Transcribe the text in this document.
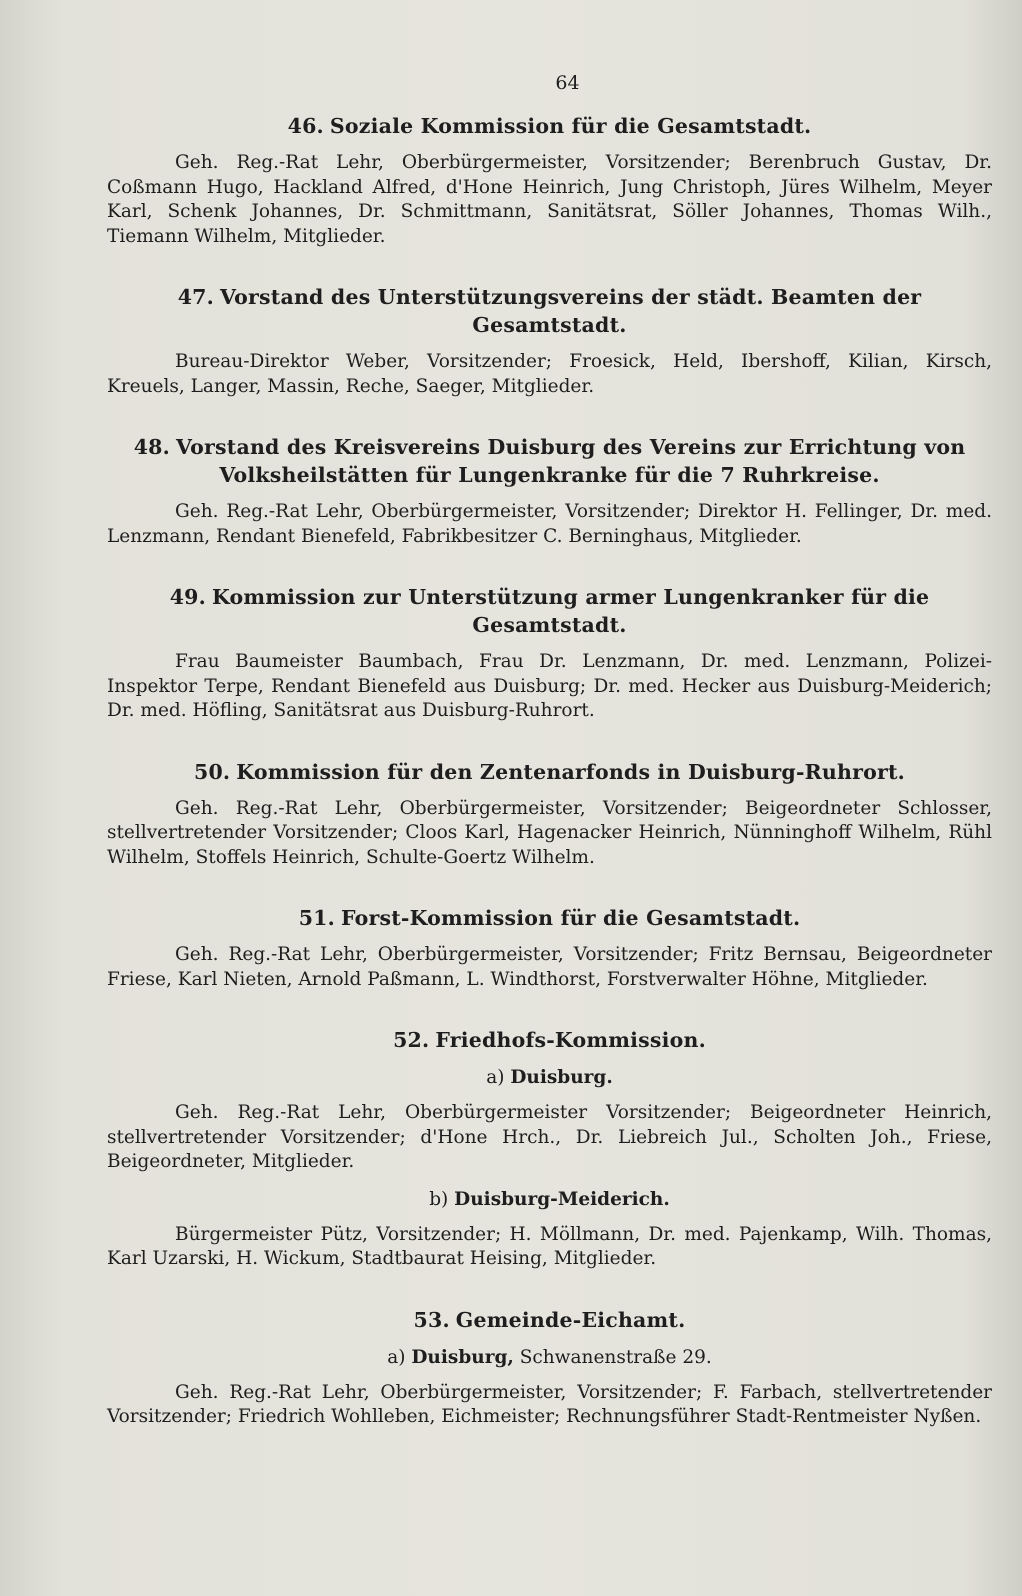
64
46. Soziale Kommission für die Gesamtstadt.

Geh. Reg.-Rat Lehr, Oberbürgermeister, Vorsitzender; Berenbruch Gustav, Dr. Coßmann Hugo, Hackland Alfred, d'Hone Heinrich, Jung Christoph, Jüres Wilhelm, Meyer Karl, Schenk Johannes, Dr. Schmittmann, Sanitätsrat, Söller Johannes, Thomas Wilh., Tiemann Wilhelm, Mitglieder.

47. Vorstand des Unterstützungsvereins der städt. Beamten der Gesamtstadt.

Bureau-Direktor Weber, Vorsitzender; Froesick, Held, Ibershoff, Kilian, Kirsch, Kreuels, Langer, Massin, Reche, Saeger, Mitglieder.

48. Vorstand des Kreisvereins Duisburg des Vereins zur Errichtung von Volksheilstätten für Lungenkranke für die 7 Ruhrkreise.

Geh. Reg.-Rat Lehr, Oberbürgermeister, Vorsitzender; Direktor H. Fellinger, Dr. med. Lenzmann, Rendant Bienefeld, Fabrikbesitzer C. Berninghaus, Mitglieder.

49. Kommission zur Unterstützung armer Lungenkranker für die Gesamtstadt.

Frau Baumeister Baumbach, Frau Dr. Lenzmann, Dr. med. Lenzmann, Polizei-Inspektor Terpe, Rendant Bienefeld aus Duisburg; Dr. med. Hecker aus Duisburg-Meiderich; Dr. med. Höfling, Sanitätsrat aus Duisburg-Ruhrort.

50. Kommission für den Zentenarfonds in Duisburg-Ruhrort.

Geh. Reg.-Rat Lehr, Oberbürgermeister, Vorsitzender; Beigeordneter Schlosser, stellvertretender Vorsitzender; Cloos Karl, Hagenacker Heinrich, Nünninghoff Wilhelm, Rühl Wilhelm, Stoffels Heinrich, Schulte-Goertz Wilhelm.

51. Forst-Kommission für die Gesamtstadt.

Geh. Reg.-Rat Lehr, Oberbürgermeister, Vorsitzender; Fritz Bernsau, Beigeordneter Friese, Karl Nieten, Arnold Paßmann, L. Windthorst, Forstverwalter Höhne, Mitglieder.

52. Friedhofs-Kommission.
a) Duisburg.

Geh. Reg.-Rat Lehr, Oberbürgermeister Vorsitzender; Beigeordneter Heinrich, stellvertretender Vorsitzender; d'Hone Hrch., Dr. Liebreich Jul., Scholten Joh., Friese, Beigeordneter, Mitglieder.

b) Duisburg-Meiderich.

Bürgermeister Pütz, Vorsitzender; H. Möllmann, Dr. med. Pajenkamp, Wilh. Thomas, Karl Uzarski, H. Wickum, Stadtbaurat Heising, Mitglieder.

53. Gemeinde-Eichamt.
a) Duisburg, Schwanenstraße 29.

Geh. Reg.-Rat Lehr, Oberbürgermeister, Vorsitzender; F. Farbach, stellvertretender Vorsitzender; Friedrich Wohlleben, Eichmeister; Rechnungsführer Stadt-Rentmeister Nyßen.
